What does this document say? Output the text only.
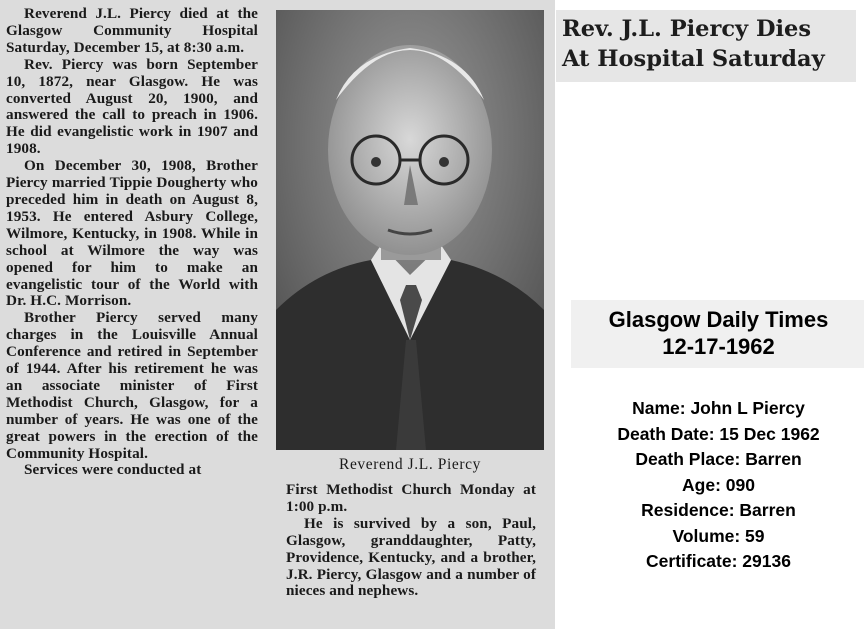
Reverend J.L. Piercy died at the Glasgow Community Hospital Saturday, December 15, at 8:30 a.m.

Rev. Piercy was born September 10, 1872, near Glasgow. He was converted August 20, 1900, and answered the call to preach in 1906. He did evangelistic work in 1907 and 1908.

On December 30, 1908, Brother Piercy married Tippie Dougherty who preceded him in death on August 8, 1953. He entered Asbury College, Wilmore, Kentucky, in 1908. While in school at Wilmore the way was opened for him to make an evangelistic tour of the World with Dr. H.C. Morrison.

Brother Piercy served many charges in the Louisville Annual Conference and retired in September of 1944. After his retirement he was an associate minister of First Methodist Church, Glasgow, for a number of years. He was one of the great powers in the erection of the Community Hospital.

Services were conducted at	Reverend J.L. Piercy

First Methodist Church Monday at 1:00 p.m.

He is survived by a son, Paul, Glasgow, granddaughter, Patty, Providence, Kentucky, and a brother, J.R. Piercy, Glasgow and a number of nieces and nephews.

Rev. J.L. Piercy Dies
At Hospital Saturday
Glasgow Daily Times
12-17-1962
Name: John L Piercy
Death Date: 15 Dec 1962
Death Place: Barren
Age: 090
Residence: Barren
Volume: 59
Certificate: 29136
